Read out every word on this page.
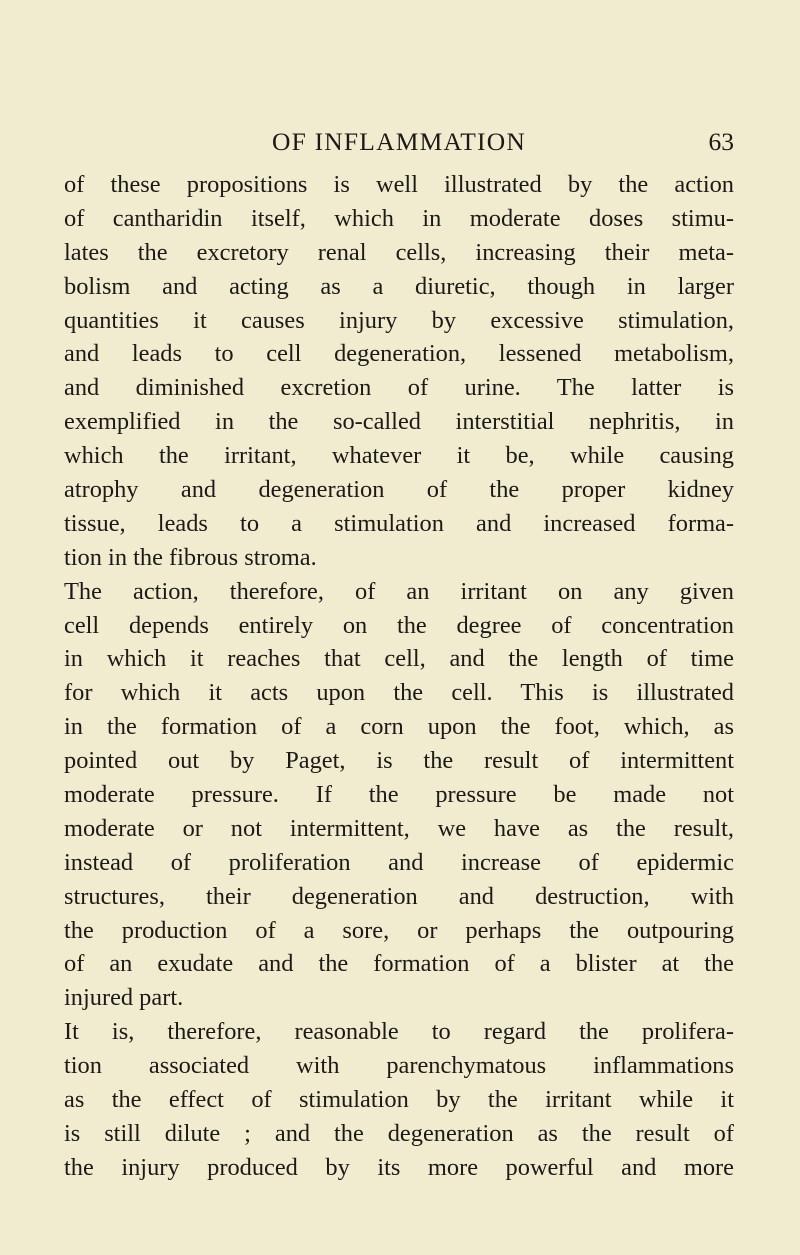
OF INFLAMMATION	63
of these propositions is well illustrated by the action
of cantharidin itself, which in moderate doses stimu-
lates the excretory renal cells, increasing their meta-
bolism and acting as a diuretic, though in larger
quantities it causes injury by excessive stimulation,
and leads to cell degeneration, lessened metabolism,
and diminished excretion of urine. The latter is
exemplified in the so-called interstitial nephritis, in
which the irritant, whatever it be, while causing
atrophy and degeneration of the proper kidney
tissue, leads to a stimulation and increased forma-
tion in the fibrous stroma.
The action, therefore, of an irritant on any given
cell depends entirely on the degree of concentration
in which it reaches that cell, and the length of time
for which it acts upon the cell. This is illustrated
in the formation of a corn upon the foot, which, as
pointed out by Paget, is the result of intermittent
moderate pressure. If the pressure be made not
moderate or not intermittent, we have as the result,
instead of proliferation and increase of epidermic
structures, their degeneration and destruction, with
the production of a sore, or perhaps the outpouring
of an exudate and the formation of a blister at the
injured part.
It is, therefore, reasonable to regard the prolifera-
tion associated with parenchymatous inflammations
as the effect of stimulation by the irritant while it
is still dilute ; and the degeneration as the result of
the injury produced by its more powerful and more
